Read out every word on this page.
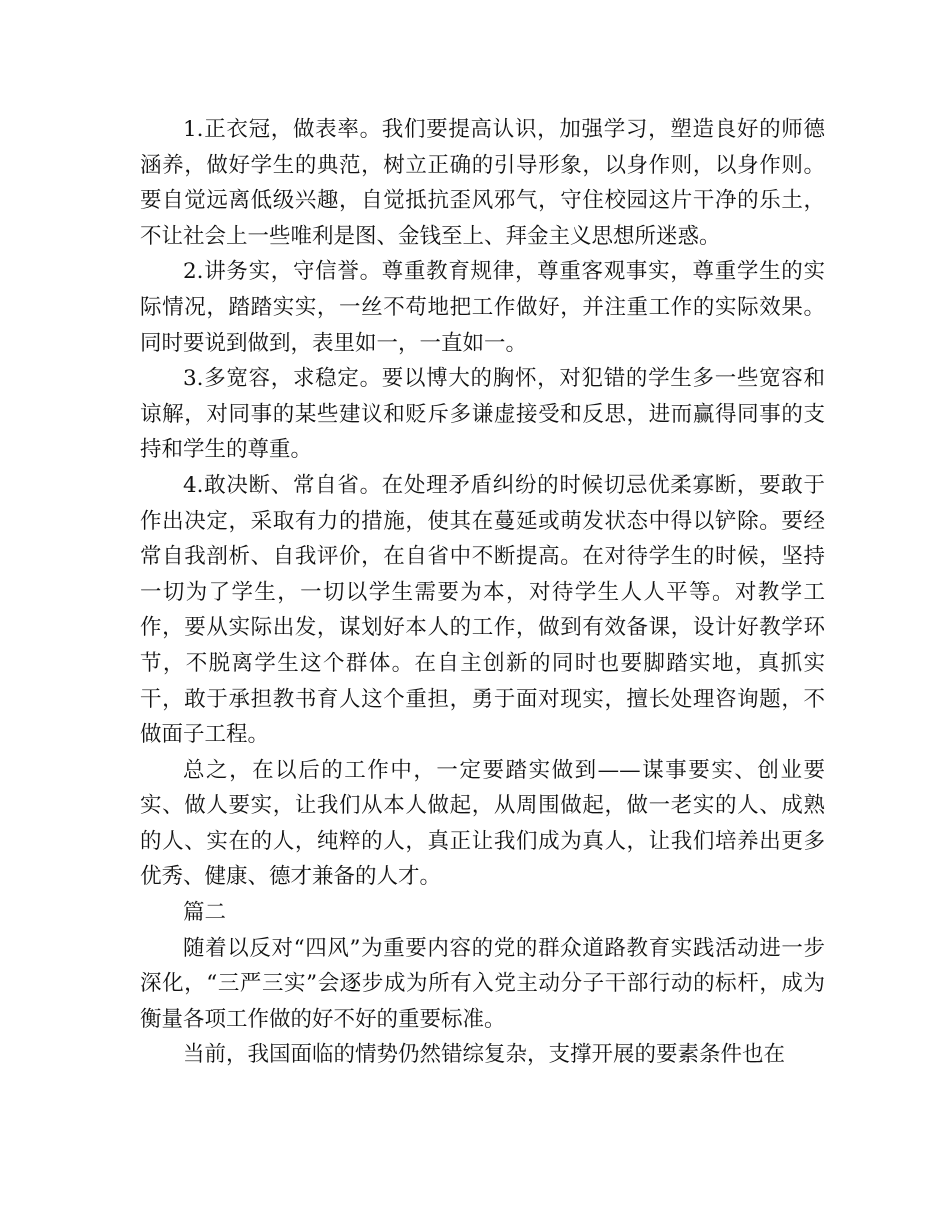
1.正衣冠，做表率。我们要提高认识，加强学习，塑造良好的师德涵养，做好学生的典范，树立正确的引导形象，以身作则，以身作则。要自觉远离低级兴趣，自觉抵抗歪风邪气，守住校园这片干净的乐土，不让社会上一些唯利是图、金钱至上、拜金主义思想所迷惑。

2.讲务实，守信誉。尊重教育规律，尊重客观事实，尊重学生的实际情况，踏踏实实，一丝不苟地把工作做好，并注重工作的实际效果。同时要说到做到，表里如一，一直如一。

3.多宽容，求稳定。要以博大的胸怀，对犯错的学生多一些宽容和谅解，对同事的某些建议和贬斥多谦虚接受和反思，进而赢得同事的支持和学生的尊重。

4.敢决断、常自省。在处理矛盾纠纷的时候切忌优柔寡断，要敢于作出决定，采取有力的措施，使其在蔓延或萌发状态中得以铲除。要经常自我剖析、自我评价，在自省中不断提高。在对待学生的时候，坚持一切为了学生，一切以学生需要为本，对待学生人人平等。对教学工作，要从实际出发，谋划好本人的工作，做到有效备课，设计好教学环节，不脱离学生这个群体。在自主创新的同时也要脚踏实地，真抓实干，敢于承担教书育人这个重担，勇于面对现实，擅长处理咨询题，不做面子工程。

总之，在以后的工作中，一定要踏实做到——谋事要实、创业要实、做人要实，让我们从本人做起，从周围做起，做一老实的人、成熟的人、实在的人，纯粹的人，真正让我们成为真人，让我们培养出更多优秀、健康、德才兼备的人才。

篇二

随着以反对“四风”为重要内容的党的群众道路教育实践活动进一步深化，“三严三实”会逐步成为所有入党主动分子干部行动的标杆，成为衡量各项工作做的好不好的重要标准。

当前，我国面临的情势仍然错综复杂，支撑开展的要素条件也在
